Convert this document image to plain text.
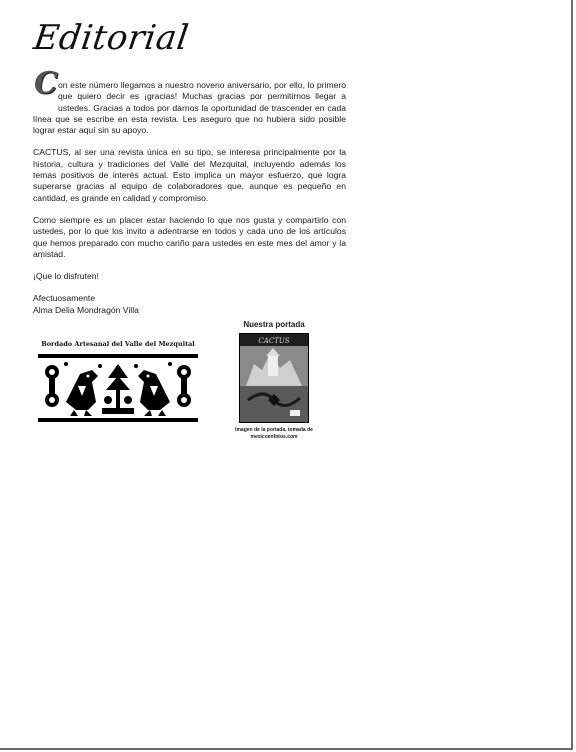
Editorial

C on este número llegamos a nuestro noveno aniversario, por ello, lo primero que quiero decir es ¡gracias! Muchas gracias por permitirnos llegar a ustedes. Gracias a todos por darnos la oportunidad de trascender en cada línea que se escribe en esta revista. Les aseguro que no hubiera sido posible lograr estar aquí sin su apoyo.

CACTUS, al ser una revista única en su tipo, se interesa principalmente por la historia, cultura y tradiciones del Valle del Mezquital, incluyendo además los temas positivos de interés actual. Esto implica un mayor esfuerzo, que logra superarse gracias al equipo de colaboradores que, aunque es pequeño en cantidad, es grande en calidad y compromiso.

Como siempre es un placer estar haciendo lo que nos gusta y compartirlo con ustedes, por lo que los invito a adentrarse en todos y cada uno de los artículos que hemos preparado con mucho cariño para ustedes en este mes del amor y la amistad.

¡Que lo disfruten!

Afectuosamente
Alma Delia Mondragón Villa
Bordado Artesanal del Valle del Mezquital
Nuestra portada
CACTUS
Imagen de la portada, tomada de
mexicoenfotos.com
